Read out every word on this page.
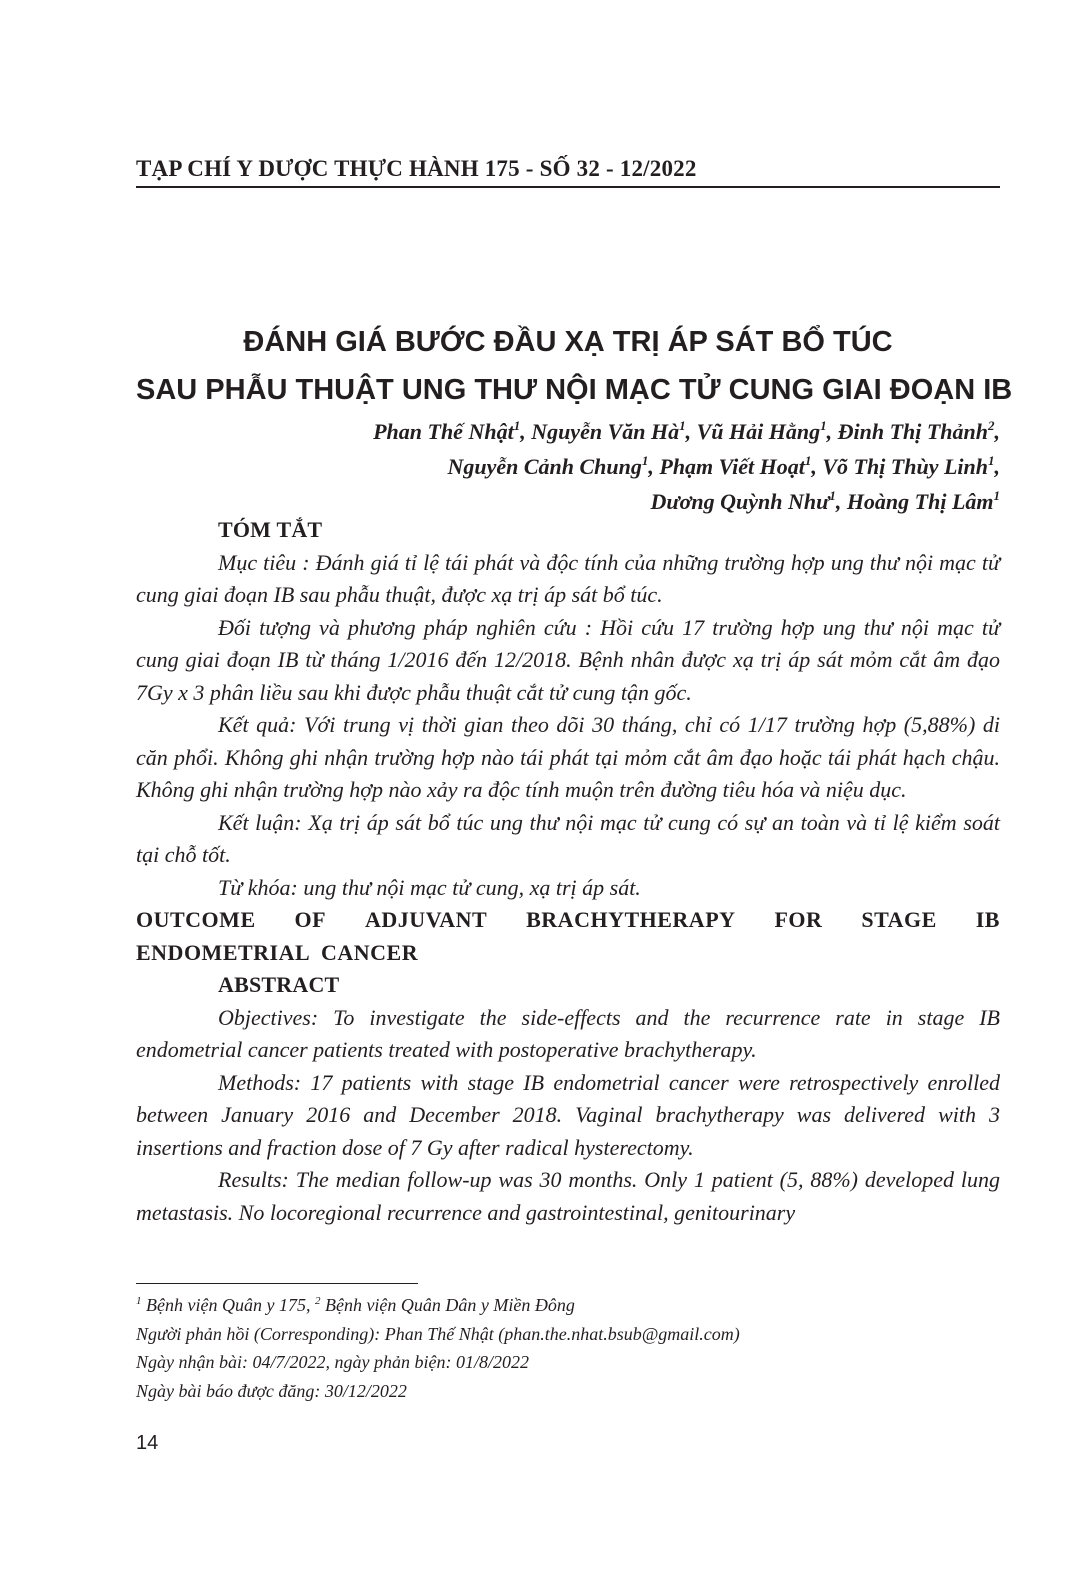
TẠP CHÍ Y DƯỢC THỰC HÀNH 175 - SỐ 32 - 12/2022
ĐÁNH GIÁ BƯỚC ĐẦU XẠ TRỊ ÁP SÁT BỔ TÚC
SAU PHẪU THUẬT UNG THƯ NỘI MẠC TỬ CUNG GIAI ĐOẠN IB
Phan Thế Nhật$^1$, Nguyễn Văn $Hà^1$, Vũ Hải Hằng$^1$, Đinh Thị Thảnh$^2$,
Nguyễn Cảnh Chung$^1$, Phạm Viết Hoạt$^1$, Võ Thị Thùy Linh$^1$,
Dương Quỳnh Như$^1$, Hoàng Thị Lâm$^1$
TÓM TẮT

Mục tiêu : Đánh giá tỉ lệ tái phát và độc tính của những trường hợp ung thư nội mạc tử cung giai đoạn IB sau phẫu thuật, được xạ trị áp sát bổ túc.

Đối tượng và phương pháp nghiên cứu : Hồi cứu 17 trường hợp ung thư nội mạc tử cung giai đoạn IB từ tháng 1/2016 đến 12/2018. Bệnh nhân được xạ trị áp sát mỏm cắt âm đạo 7Gy x 3 phân liều sau khi được phẫu thuật cắt tử cung tận gốc.

Kết quả: Với trung vị thời gian theo dõi 30 tháng, chỉ có 1/17 trường hợp (5,88%) di căn phổi. Không ghi nhận trường hợp nào tái phát tại mỏm cắt âm đạo hoặc tái phát hạch chậu. Không ghi nhận trường hợp nào xảy ra độc tính muộn trên đường tiêu hóa và niệu dục.

Kết luận: Xạ trị áp sát bổ túc ung thư nội mạc tử cung có sự an toàn và tỉ lệ kiểm soát tại chỗ tốt.

Từ khóa: ung thư nội mạc tử cung, xạ trị áp sát.

OUTCOME OF ADJUVANT BRACHYTHERAPY FOR STAGE IB
ENDOMETRIAL CANCER
ABSTRACT

Objectives: To investigate the side-effects and the recurrence rate in stage IB endometrial cancer patients treated with postoperative brachytherapy.

Methods: 17 patients with stage IB endometrial cancer were retrospectively enrolled between January 2016 and December 2018. Vaginal brachytherapy was delivered with 3 insertions and fraction dose of 7 Gy after radical hysterectomy.

Results: The median follow-up was 30 months. Only 1 patient (5, 88%) developed lung metastasis. No locoregional recurrence and gastrointestinal, genitourinary

$^1$ Bệnh viện Quân y 175, $^2$ Bệnh viện Quân Dân y Miền Đông
Người phản hồi (Corresponding): Phan Thế Nhật (phan.the.nhat.bsub@gmail.com)
Ngày nhận bài: 04/7/2022, ngày phản biện: 01/8/2022
Ngày bài báo được đăng: 30/12/2022
14
